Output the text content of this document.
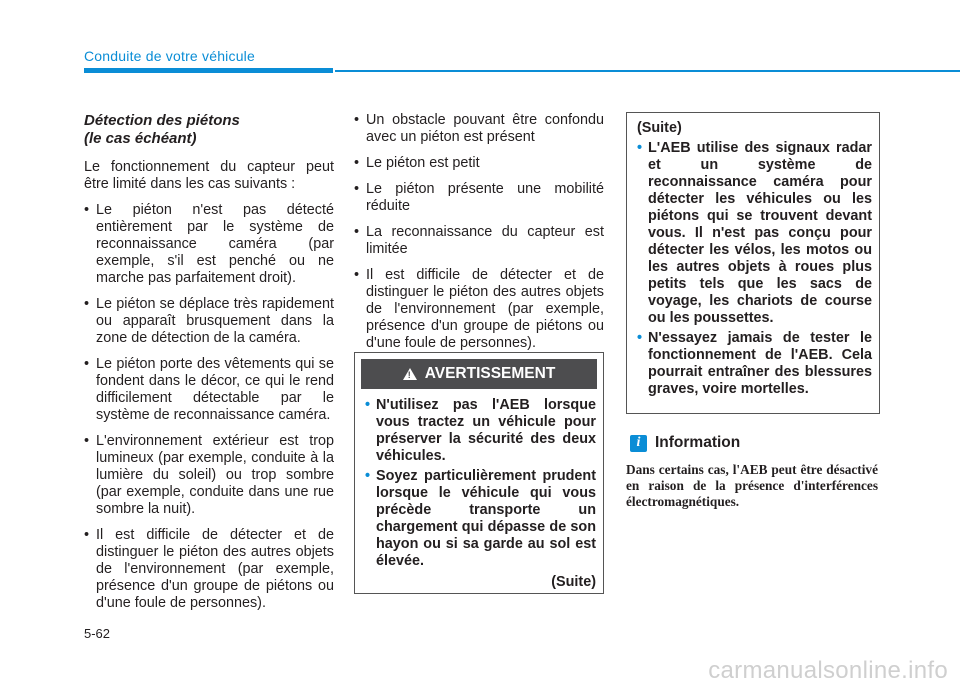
Conduite de votre véhicule
Détection des piétons
(le cas échéant)
Le fonctionnement du capteur peut être limité dans les cas suivants :
• Le piéton n'est pas détecté entièrement par le système de reconnaissance caméra (par exemple, s'il est penché ou ne marche pas parfaitement droit).
• Le piéton se déplace très rapidement ou apparaît brusquement dans la zone de détection de la caméra.
• Le piéton porte des vêtements qui se fondent dans le décor, ce qui le rend difficilement détectable par le système de reconnaissance caméra.
• L'environnement extérieur est trop lumineux (par exemple, conduite à la lumière du soleil) ou trop sombre (par exemple, conduite dans une rue sombre la nuit).
• Il est difficile de détecter et de distinguer le piéton des autres objets de l'environnement (par exemple, présence d'un groupe de piétons ou d'une foule de personnes).
• Un obstacle pouvant être confondu avec un piéton est présent
• Le piéton est petit
• Le piéton présente une mobilité réduite
• La reconnaissance du capteur est limitée
• Il est difficile de détecter et de distinguer le piéton des autres objets de l'environnement (par exemple, présence d'un groupe de piétons ou d'une foule de personnes).
! AVERTISSEMENT
• N'utilisez pas l'AEB lorsque vous tractez un véhicule pour préserver la sécurité des deux véhicules.
• Soyez particulièrement prudent lorsque le véhicule qui vous précède transporte un chargement qui dépasse de son hayon ou si sa garde au sol est élevée.
(Suite)
(Suite)
• L'AEB utilise des signaux radar et un système de reconnaissance caméra pour détecter les véhicules ou les piétons qui se trouvent devant vous. Il n'est pas conçu pour détecter les vélos, les motos ou les autres objets à roues plus petits tels que les sacs de voyage, les chariots de course ou les poussettes.
• N'essayez jamais de tester le fonctionnement de l'AEB. Cela pourrait entraîner des blessures graves, voire mortelles.
i Information
Dans certains cas, l'AEB peut être désactivé en raison de la présence d'interférences électromagnétiques.
5-62
carmanualsonline.info
